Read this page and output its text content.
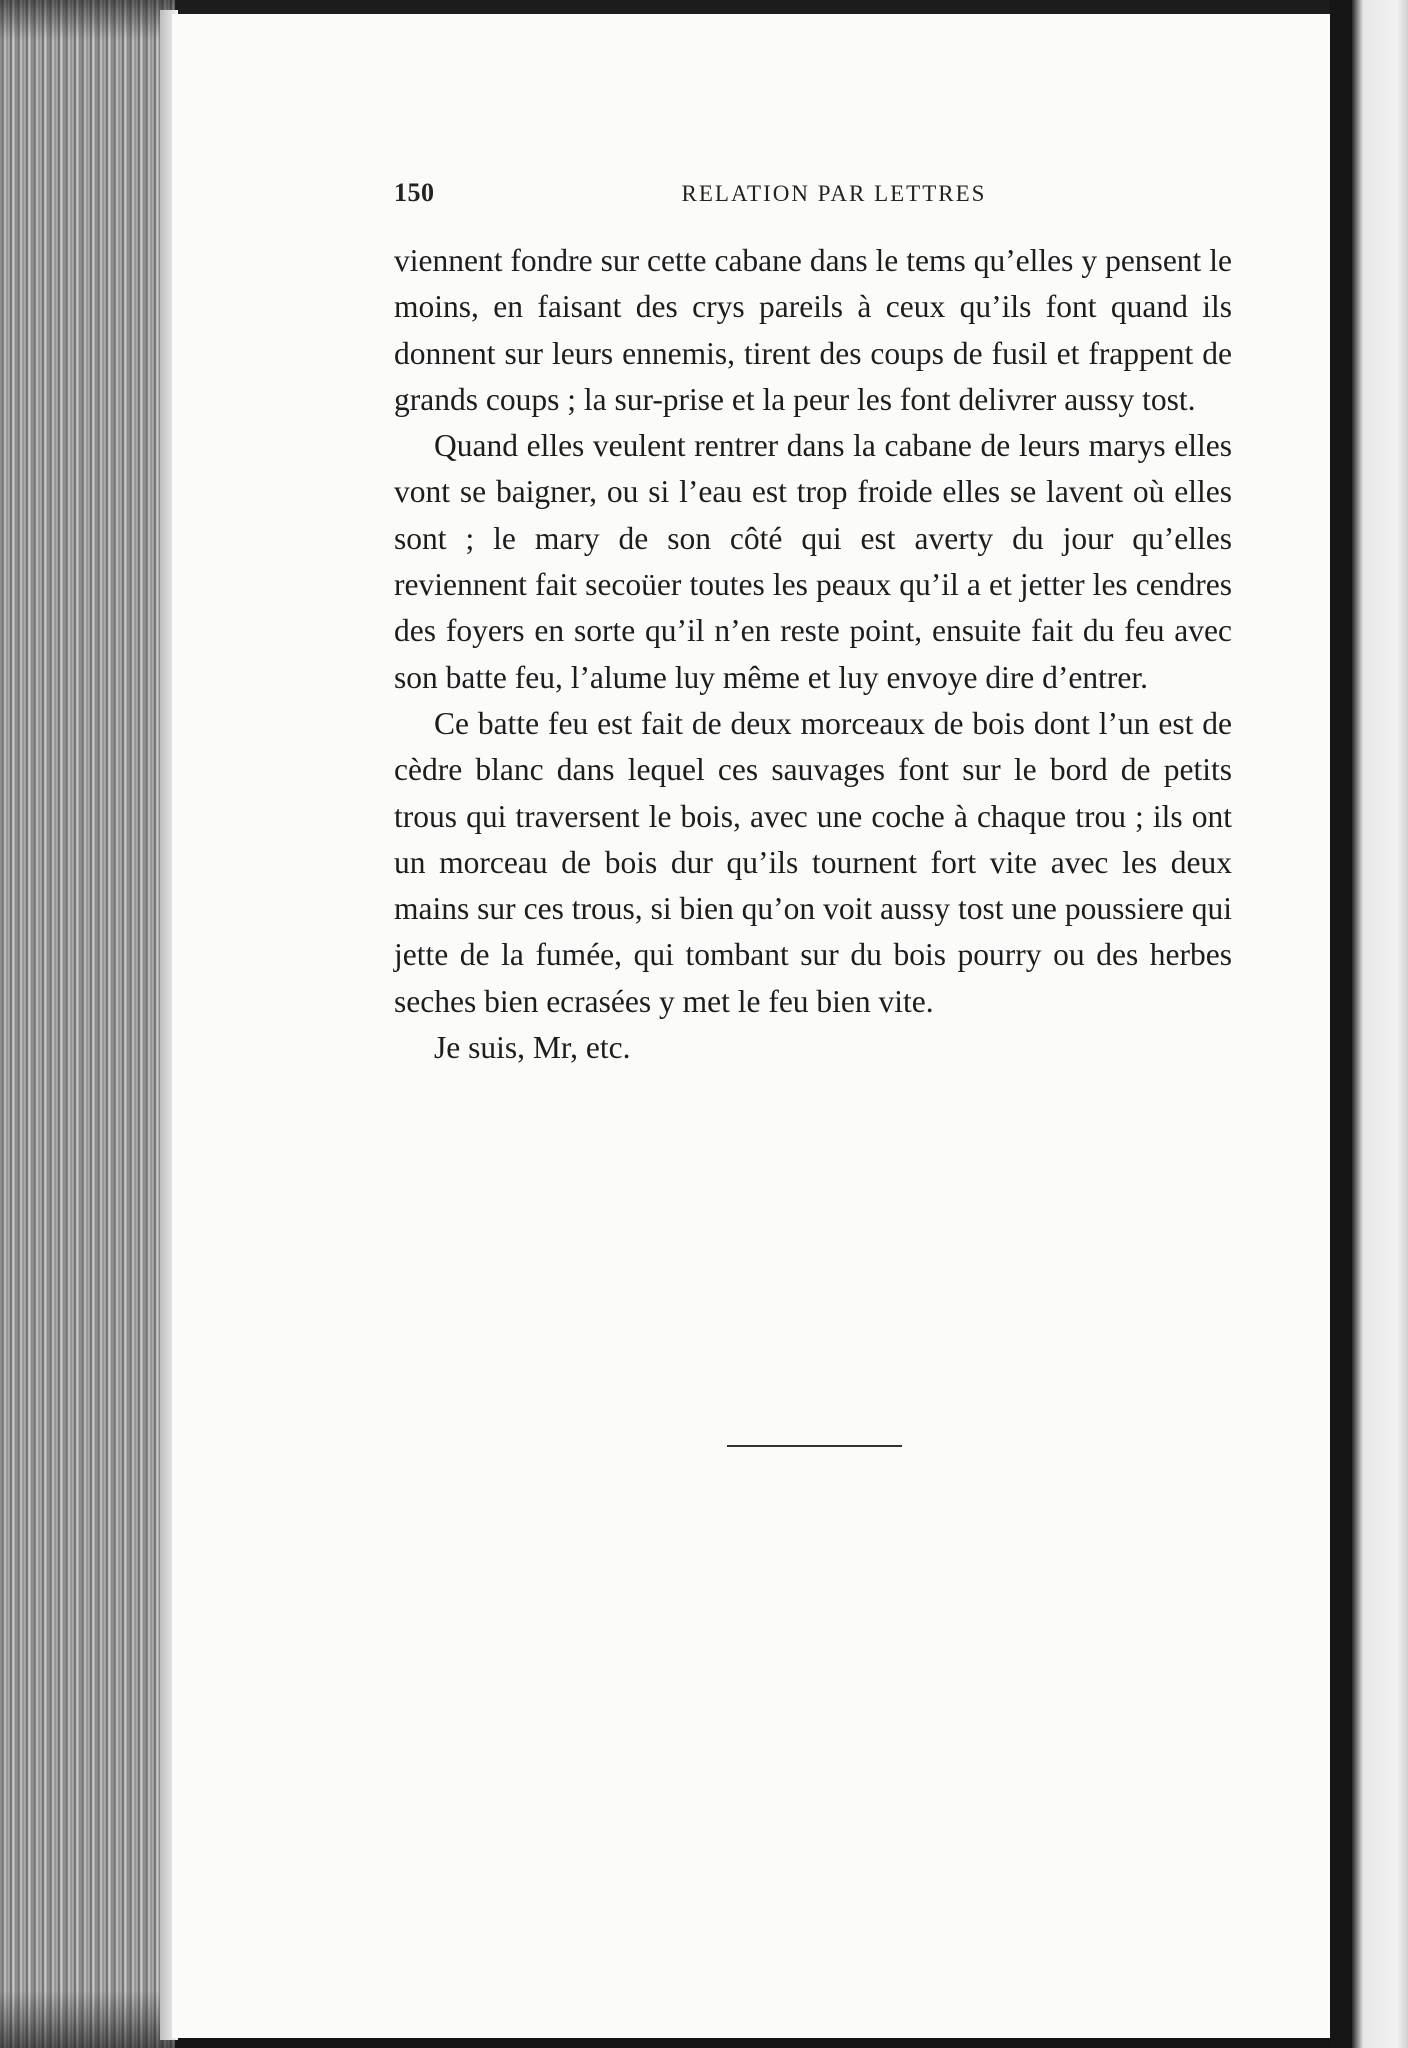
150	RELATION PAR LETTRES

viennent fondre sur cette cabane dans le tems qu’elles y pensent le moins, en faisant des crys pareils à ceux qu’ils font quand ils donnent sur leurs ennemis, tirent des coups de fusil et frappent de grands coups ; la sur-prise et la peur les font delivrer aussy tost.

Quand elles veulent rentrer dans la cabane de leurs marys elles vont se baigner, ou si l’eau est trop froide elles se lavent où elles sont ; le mary de son côté qui est averty du jour qu’elles reviennent fait secoüer toutes les peaux qu’il a et jetter les cendres des foyers en sorte qu’il n’en reste point, ensuite fait du feu avec son batte feu, l’alume luy même et luy envoye dire d’entrer.

Ce batte feu est fait de deux morceaux de bois dont l’un est de cèdre blanc dans lequel ces sauvages font sur le bord de petits trous qui traversent le bois, avec une coche à chaque trou ; ils ont un morceau de bois dur qu’ils tournent fort vite avec les deux mains sur ces trous, si bien qu’on voit aussy tost une poussiere qui jette de la fumée, qui tombant sur du bois pourry ou des herbes seches bien ecrasées y met le feu bien vite.

Je suis, Mr, etc.
